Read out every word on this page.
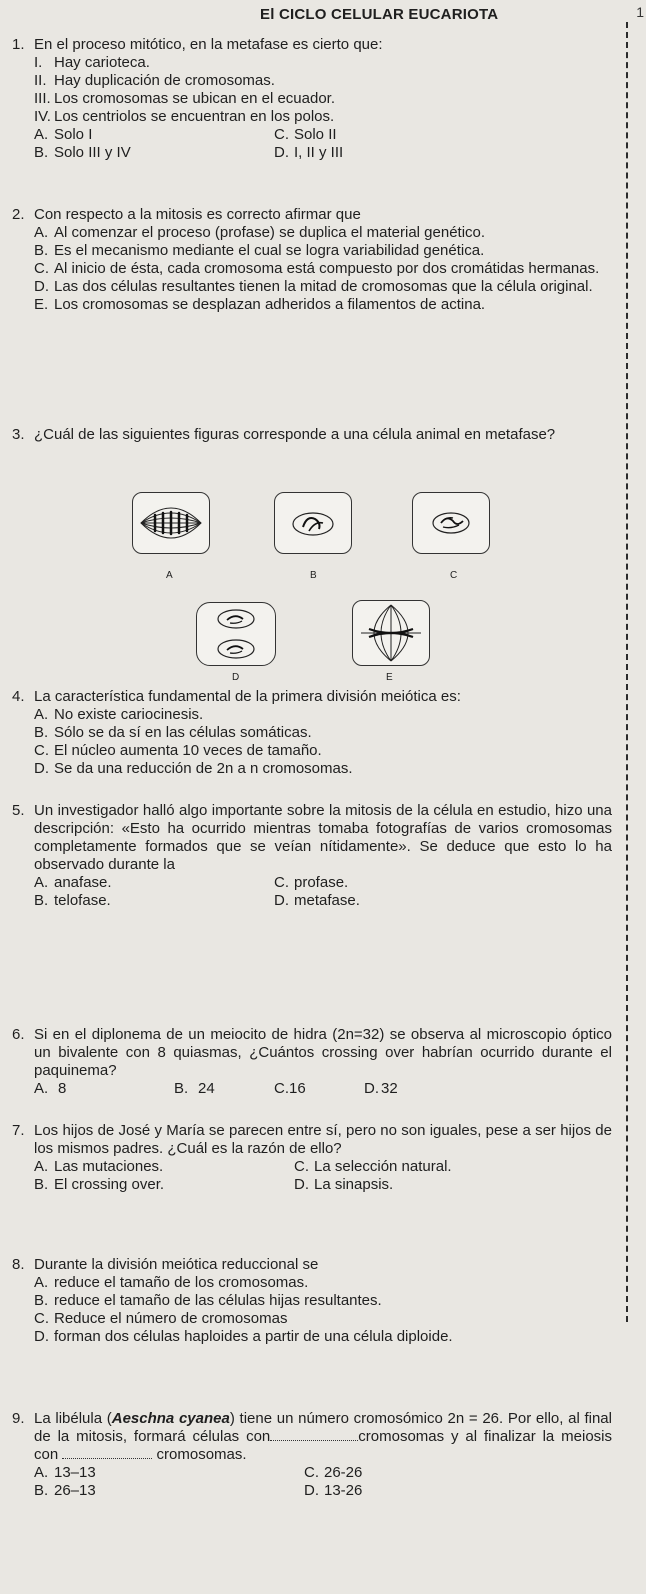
El CICLO CELULAR EUCARIOTA	1
1. En el proceso mitótico, en la metafase es cierto que:
I. Hay carioteca.
II. Hay duplicación de cromosomas.
III. Los cromosomas se ubican en el ecuador.
IV. Los centriolos se encuentran en los polos.
A. Solo I	C. Solo II
B. Solo III y IV	D. I, II y III
2. Con respecto a la mitosis es correcto afirmar que
A. Al comenzar el proceso (profase) se duplica el material genético.
B. Es el mecanismo mediante el cual se logra variabilidad genética.
C. Al inicio de ésta, cada cromosoma está compuesto por dos cromátidas hermanas.
D. Las dos células resultantes tienen la mitad de cromosomas que la célula original.
E. Los cromosomas se desplazan adheridos a filamentos de actina.
3. ¿Cuál de las siguientes figuras corresponde a una célula animal en metafase?
A	B	C
D	E
4. La característica fundamental de la primera división meiótica es:
A. No existe cariocinesis.
B. Sólo se da sí en las células somáticas.
C. El núcleo aumenta 10 veces de tamaño.
D. Se da una reducción de 2n a n cromosomas.
5. Un investigador halló algo importante sobre la mitosis de la célula en estudio, hizo una descripción: «Esto ha ocurrido mientras tomaba fotografías de varios cromosomas completamente formados que se veían nítidamente». Se deduce que esto lo ha observado durante la
A. anafase.	C. profase.
B. telofase.	D. metafase.
6. Si en el diplonema de un meiocito de hidra (2n=32) se observa al microscopio óptico un bivalente con 8 quiasmas, ¿Cuántos crossing over habrían ocurrido durante el paquinema?
A. 8	B. 24	C. 16	D. 32
7. Los hijos de José y María se parecen entre sí, pero no son iguales, pese a ser hijos de los mismos padres. ¿Cuál es la razón de ello?
A. Las mutaciones.	C. La selección natural.
B. El crossing over.	D. La sinapsis.
8. Durante la división meiótica reduccional se
A. reduce el tamaño de los cromosomas.
B. reduce el tamaño de las células hijas resultantes.
C. Reduce el número de cromosomas
D. forman dos células haploides a partir de una célula diploide.
9. La libélula (Aeschna cyanea) tiene un número cromosómico 2n = 26. Por ello, al final de la mitosis, formará células con	cromosomas y al finalizar la meiosis con	cromosomas.
A. 13–13	C. 26-26
B. 26–13	D. 13-26
